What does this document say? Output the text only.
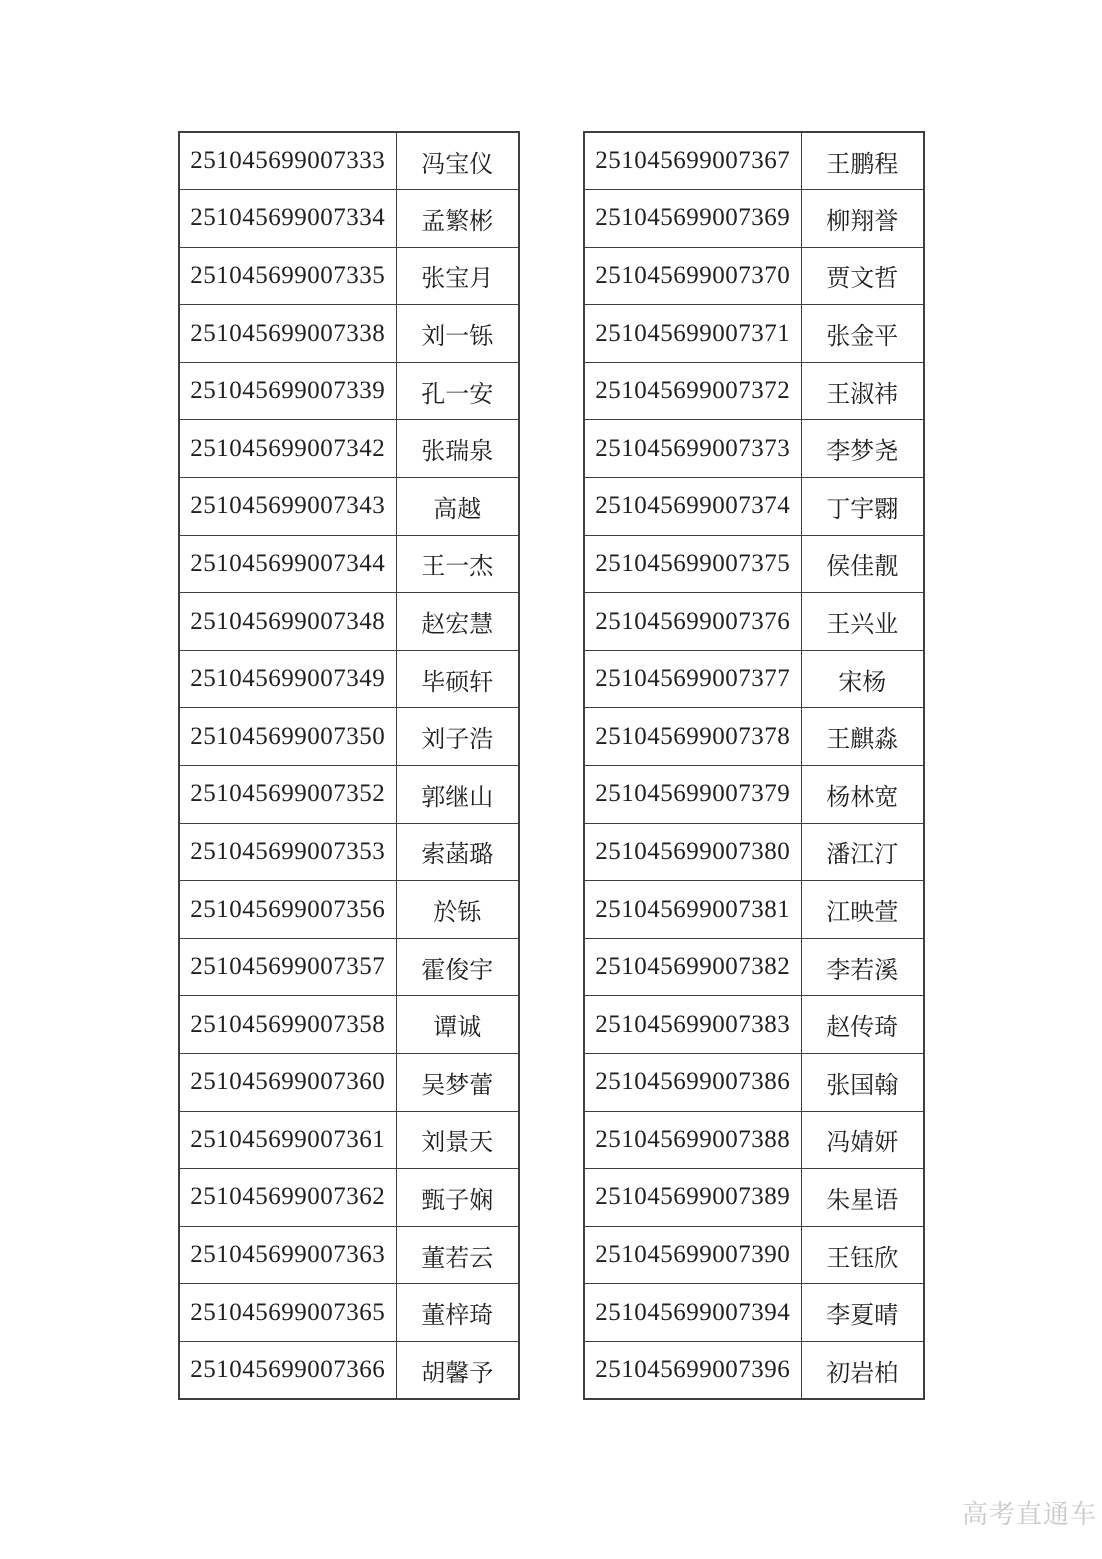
251045699007333	冯宝仪
251045699007334	孟繁彬
251045699007335	张宝月
251045699007338	刘一铄
251045699007339	孔一安
251045699007342	张瑞泉
251045699007343	高越
251045699007344	王一杰
251045699007348	赵宏慧
251045699007349	毕硕轩
251045699007350	刘子浩
251045699007352	郭继山
251045699007353	索菡璐
251045699007356	於铄
251045699007357	霍俊宇
251045699007358	谭诚
251045699007360	吴梦蕾
251045699007361	刘景天
251045699007362	甄子娴
251045699007363	董若云
251045699007365	董梓琦
251045699007366	胡馨予
251045699007367	王鹏程
251045699007369	柳翔誉
251045699007370	贾文哲
251045699007371	张金平
251045699007372	王淑祎
251045699007373	李梦尧
251045699007374	丁宇翾
251045699007375	侯佳靓
251045699007376	王兴业
251045699007377	宋杨
251045699007378	王麒淼
251045699007379	杨林宽
251045699007380	潘江汀
251045699007381	江映萱
251045699007382	李若溪
251045699007383	赵传琦
251045699007386	张国翰
251045699007388	冯婧妍
251045699007389	朱星语
251045699007390	王钰欣
251045699007394	李夏晴
251045699007396	初岩柏
高考直通车
